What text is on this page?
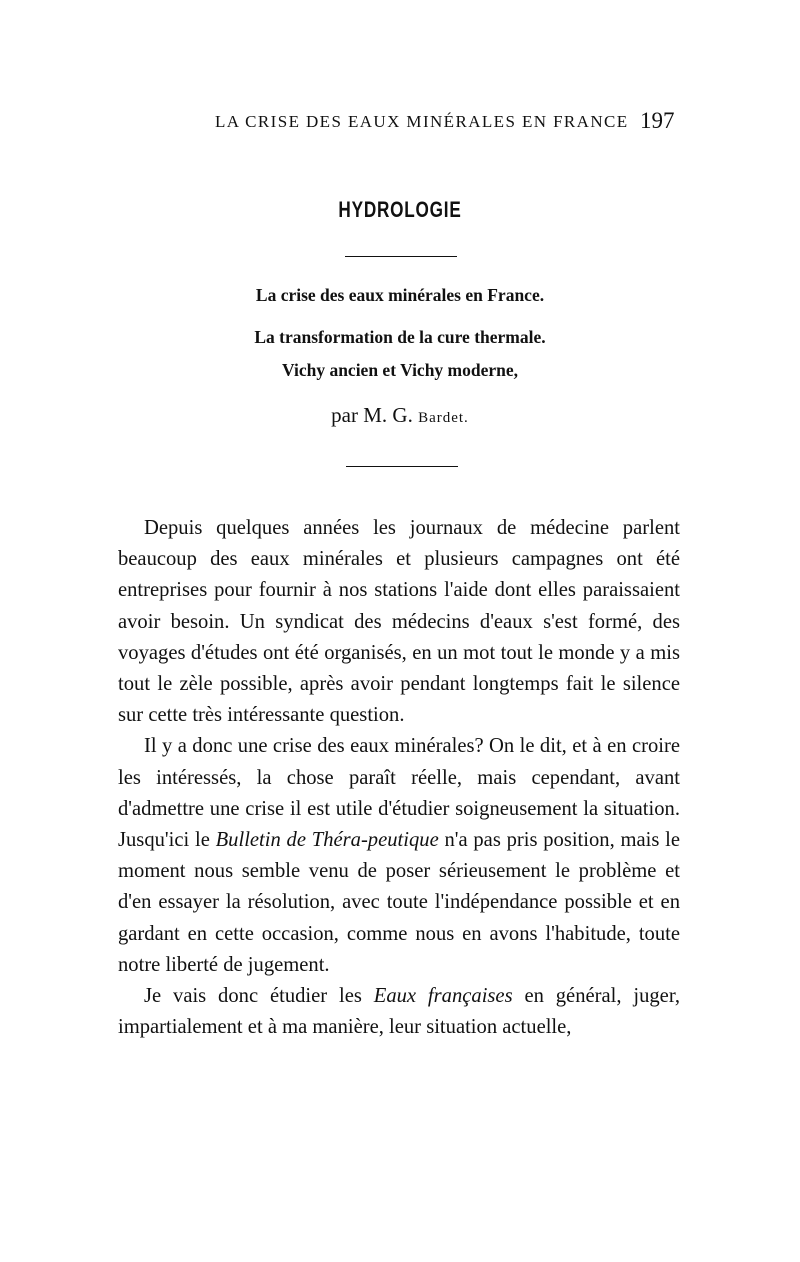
LA CRISE DES EAUX MINÉRALES EN FRANCE 197
HYDROLOGIE
La crise des eaux minérales en France.
La transformation de la cure thermale.
Vichy ancien et Vichy moderne,
par M. G. Bardet.

Depuis quelques années les journaux de médecine parlent beaucoup des eaux minérales et plusieurs campagnes ont été entreprises pour fournir à nos stations l'aide dont elles paraissaient avoir besoin. Un syndicat des médecins d'eaux s'est formé, des voyages d'études ont été organisés, en un mot tout le monde y a mis tout le zèle possible, après avoir pendant longtemps fait le silence sur cette très intéressante question.

Il y a donc une crise des eaux minérales? On le dit, et à en croire les intéressés, la chose paraît réelle, mais cependant, avant d'admettre une crise il est utile d'étudier soigneusement la situation. Jusqu'ici le Bulletin de Théra-peutique n'a pas pris position, mais le moment nous semble venu de poser sérieusement le problème et d'en essayer la résolution, avec toute l'indépendance possible et en gardant en cette occasion, comme nous en avons l'habitude, toute notre liberté de jugement.

Je vais donc étudier les Eaux françaises en général, juger, impartialement et à ma manière, leur situation actuelle,
